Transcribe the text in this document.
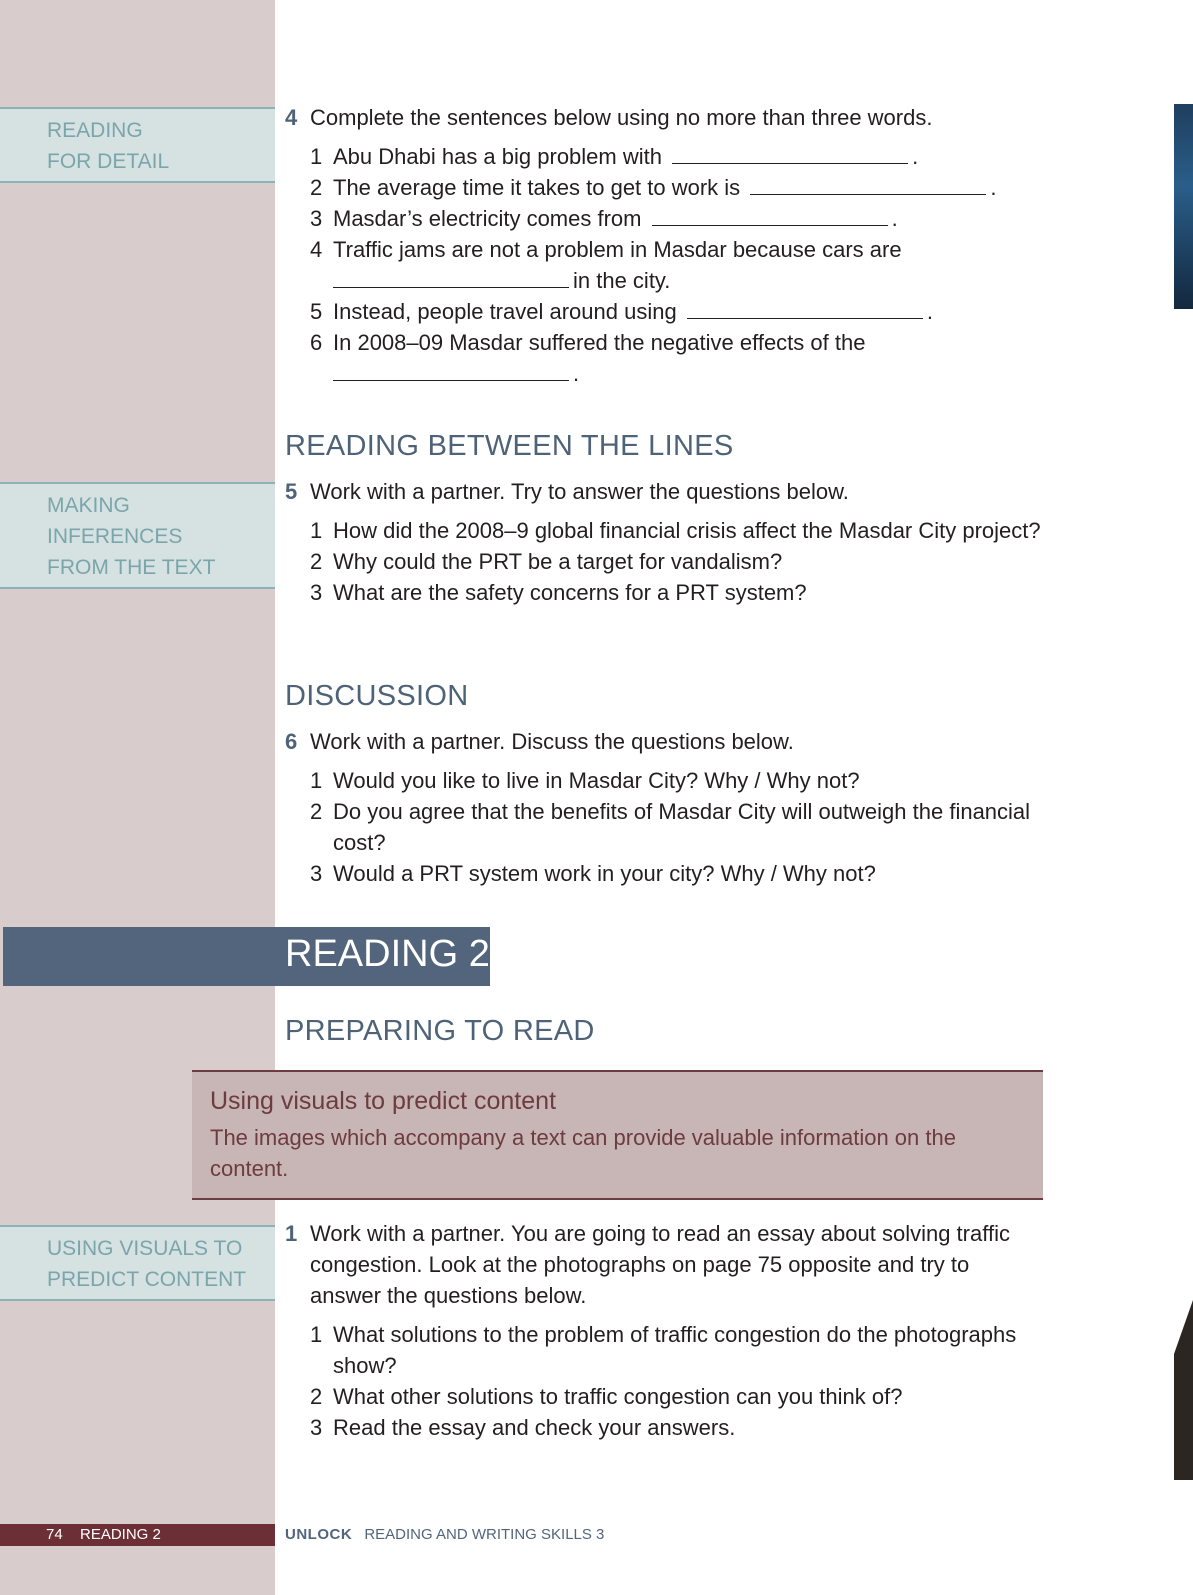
READING
FOR DETAIL
4 Complete the sentences below using no more than three words.
1 Abu Dhabi has a big problem with	.
2 The average time it takes to get to work is	.
3 Masdar’s electricity comes from	.
4 Traffic jams are not a problem in Masdar because cars are
in the city.
5 Instead, people travel around using	.
6 In 2008–09 Masdar suffered the negative effects of the
.
READING BETWEEN THE LINES
MAKING
INFERENCES
FROM THE TEXT
5 Work with a partner. Try to answer the questions below.
1 How did the 2008–9 global financial crisis affect the Masdar City project?
2 Why could the PRT be a target for vandalism?
3 What are the safety concerns for a PRT system?
DISCUSSION
6 Work with a partner. Discuss the questions below.
1 Would you like to live in Masdar City? Why / Why not?
2 Do you agree that the benefits of Masdar City will outweigh the financial cost?
3 Would a PRT system work in your city? Why / Why not?
READING 2
PREPARING TO READ
Using visuals to predict content
The images which accompany a text can provide valuable information on the content.
USING VISUALS TO
PREDICT CONTENT
1 Work with a partner. You are going to read an essay about solving traffic congestion. Look at the photographs on page 75 opposite and try to answer the questions below.
1 What solutions to the problem of traffic congestion do the photographs show?
2 What other solutions to traffic congestion can you think of?
3 Read the essay and check your answers.
74 READING 2	UNLOCK READING AND WRITING SKILLS 3
